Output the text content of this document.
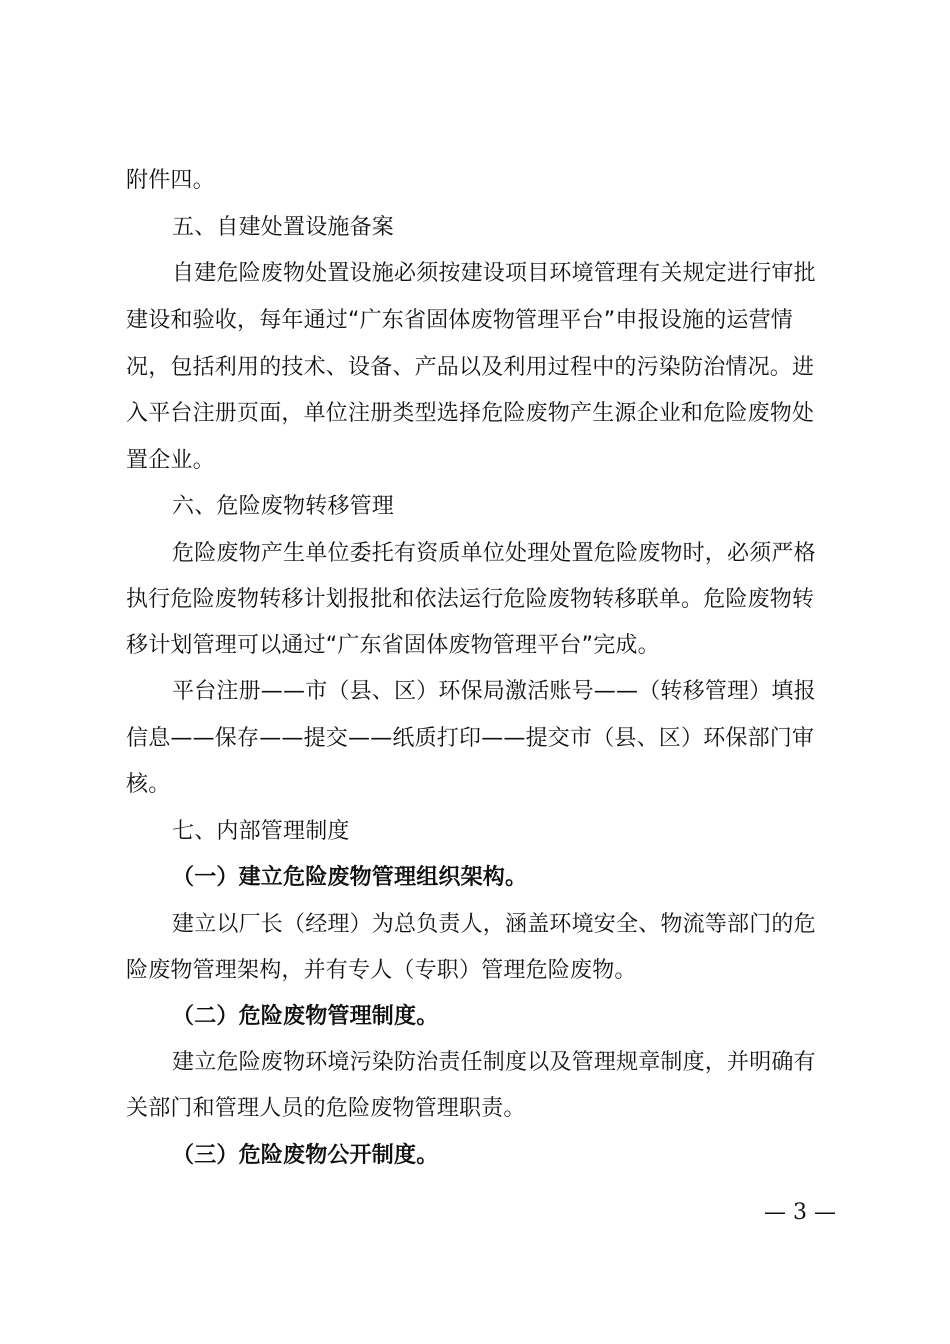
附件四。
五、自建处置设施备案
自建危险废物处置设施必须按建设项目环境管理有关规定进行审批
建设和验收，每年通过“广东省固体废物管理平台”申报设施的运营情
况，包括利用的技术、设备、产品以及利用过程中的污染防治情况。进
入平台注册页面，单位注册类型选择危险废物产生源企业和危险废物处
置企业。
六、危险废物转移管理
危险废物产生单位委托有资质单位处理处置危险废物时，必须严格
执行危险废物转移计划报批和依法运行危险废物转移联单。危险废物转
移计划管理可以通过“广东省固体废物管理平台”完成。
平台注册——市（县、区）环保局激活账号——（转移管理）填报
信息——保存——提交——纸质打印——提交市（县、区）环保部门审
核。
七、内部管理制度
（一）建立危险废物管理组织架构。
建立以厂长（经理）为总负责人，涵盖环境安全、物流等部门的危
险废物管理架构，并有专人（专职）管理危险废物。
（二）危险废物管理制度。
建立危险废物环境污染防治责任制度以及管理规章制度，并明确有
关部门和管理人员的危险废物管理职责。
（三）危险废物公开制度。
— 3 —
